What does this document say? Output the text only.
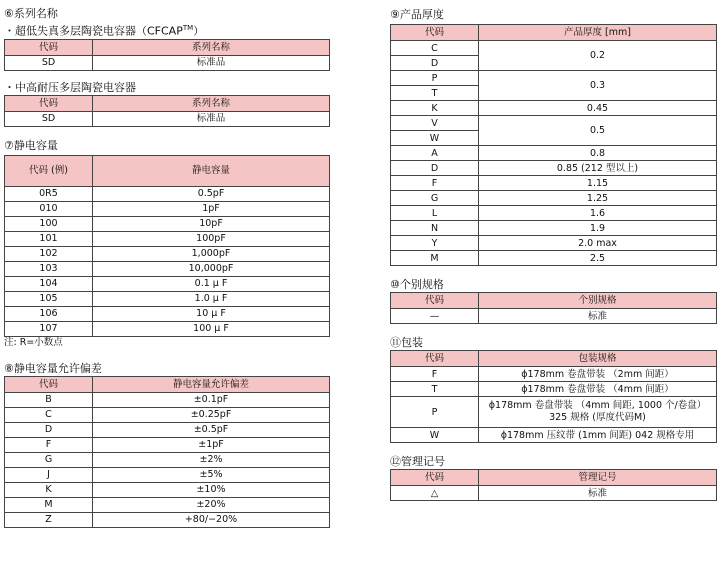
⑥系列名称
・超低失真多层陶瓷电容器（CFCAP™）
代码	系列名称
SD	标准品
・中高耐压多层陶瓷电容器
代码	系列名称
SD	标准品
⑦静电容量
代码 (例)	静电容量
0R5	0.5pF
010	1pF
100	10pF
101	100pF
102	1,000pF
103	10,000pF
104	0.1 μ F
105	1.0 μ F
106	10 μ F
107	100 μ F
注: R=小数点
⑧静电容量允许偏差
代码	静电容量允许偏差
B	±0.1pF
C	±0.25pF
D	±0.5pF
F	±1pF
G	±2%
J	±5%
K	±10%
M	±20%
Z	+80/−20%
⑨产品厚度
代码	产品厚度 [mm]
C	0.2
D	
P	0.3
T	
K	0.45
V	0.5
W	
A	0.8
D	0.85 (212 型以上)
F	1.15
G	1.25
L	1.6
N	1.9
Y	2.0 max
M	2.5
⑩个别规格
代码	个别规格
—	标准
⑪包装
代码	包装规格
F	ϕ178mm 卷盘带装 （2mm 间距）
T	ϕ178mm 卷盘带装 （4mm 间距）
P	ϕ178mm 卷盘带装 （4mm 间距, 1000 个/卷盘）
325 规格 (厚度代码M)

W	ϕ178mm 压纹带 (1mm 间距) 042 规格专用
⑫管理记号
代码	管理记号
△	标准
